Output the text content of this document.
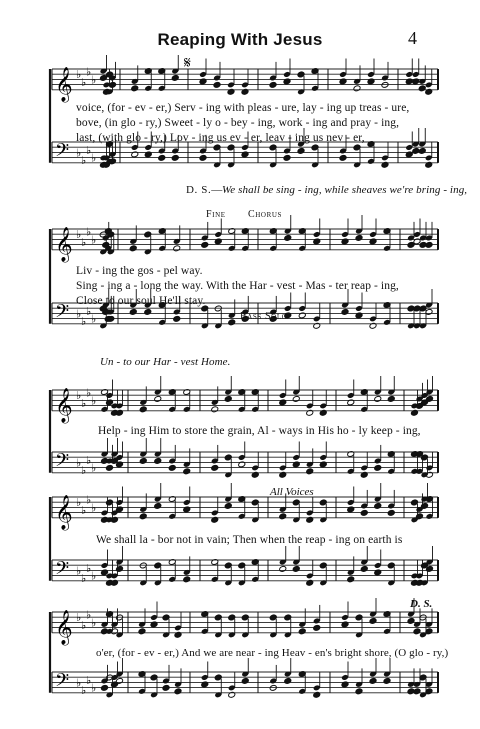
Reaping With Jesus	4
𝄞
𝄢
♭
♭
♭
♭
♭
♭
♭
♭
𝄞
𝄢
♭
♭
♭
♭
♭
♭
♭
♭
𝄞
𝄢
♭
♭
♭
♭
♭
♭
♭
♭
𝄞
𝄢
♭
♭
♭
♭
♭
♭
♭
♭
𝄞
𝄢
♭
♭
♭
♭
♭
♭
♭
♭
𝄋
voice, (for - ev - er,) Serv - ing with pleas - ure, lay - ing up treas - ure,
bove, (in glo - ry,) Sweet - ly o - bey - ing, work - ing and pray - ing,
last, (with glo - ry,) Lov - ing us ev - er, leav - ing us nev - er,
D. S.— We shall be sing - ing, while sheaves we're bring - ing,
Fine Chorus
Liv - ing the gos - pel way.
Sing - ing a - long the way. With the Har - vest - Mas - ter reap - ing,
Close to our soul He'll stay.
Bass Solo
Un - to our Har - vest Home.
Help - ing Him to store the grain, Al - ways in His ho - ly keep - ing,
All Voices
We shall la - bor not in vain; Then when the reap - ing on earth is
D. S.
o'er, (for - ev - er,) And we are near - ing Heav - en's bright shore, (O glo - ry,)
